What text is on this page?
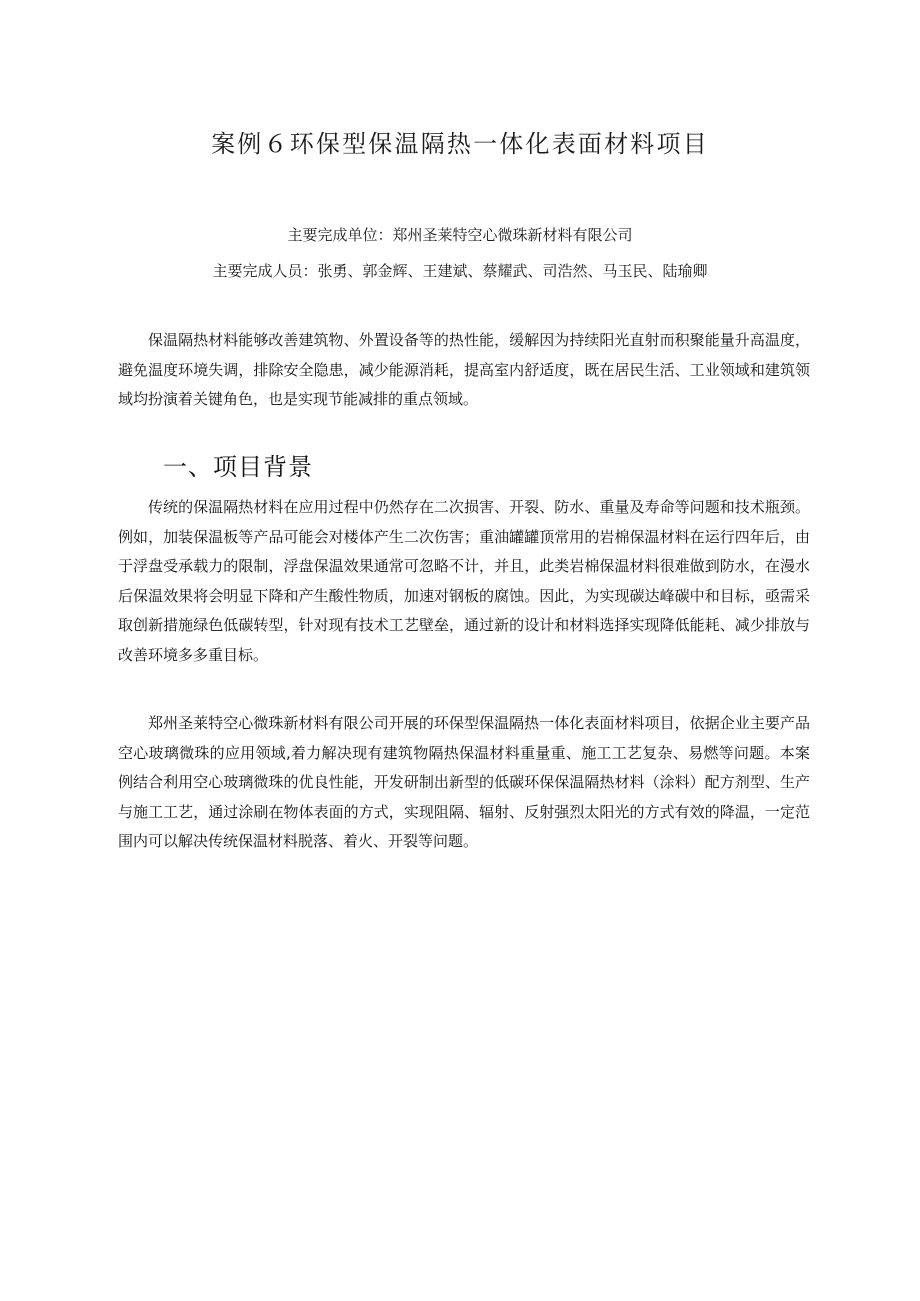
案例６环保型保温隔热一体化表面材料项目
主要完成单位：郑州圣莱特空心微珠新材料有限公司
主要完成人员：张勇、郭金辉、王建斌、蔡耀武、司浩然、马玉民、陆瑜卿

保温隔热材料能够改善建筑物、外置设备等的热性能，缓解因为持续阳光直射而积聚能量升高温度，避免温度环境失调，排除安全隐患，减少能源消耗，提高室内舒适度，既在居民生活、工业领域和建筑领域均扮演着关键角色，也是实现节能减排的重点领域。

一、项目背景

传统的保温隔热材料在应用过程中仍然存在二次损害、开裂、防水、重量及寿命等问题和技术瓶颈。例如，加装保温板等产品可能会对楼体产生二次伤害；重油罐罐顶常用的岩棉保温材料在运行四年后，由于浮盘受承载力的限制，浮盘保温效果通常可忽略不计，并且，此类岩棉保温材料很难做到防水，在漫水后保温效果将会明显下降和产生酸性物质，加速对钢板的腐蚀。因此，为实现碳达峰碳中和目标，亟需采取创新措施绿色低碳转型，针对现有技术工艺壁垒，通过新的设计和材料选择实现降低能耗、减少排放与改善环境多多重目标。

郑州圣莱特空心微珠新材料有限公司开展的环保型保温隔热一体化表面材料项目，依据企业主要产品空心玻璃微珠的应用领域,着力解决现有建筑物隔热保温材料重量重、施工工艺复杂、易燃等问题。本案例结合利用空心玻璃微珠的优良性能，开发研制出新型的低碳环保保温隔热材料（涂料）配方剂型、生产与施工工艺，通过涂刷在物体表面的方式，实现阻隔、辐射、反射强烈太阳光的方式有效的降温，一定范围内可以解决传统保温材料脱落、着火、开裂等问题。
